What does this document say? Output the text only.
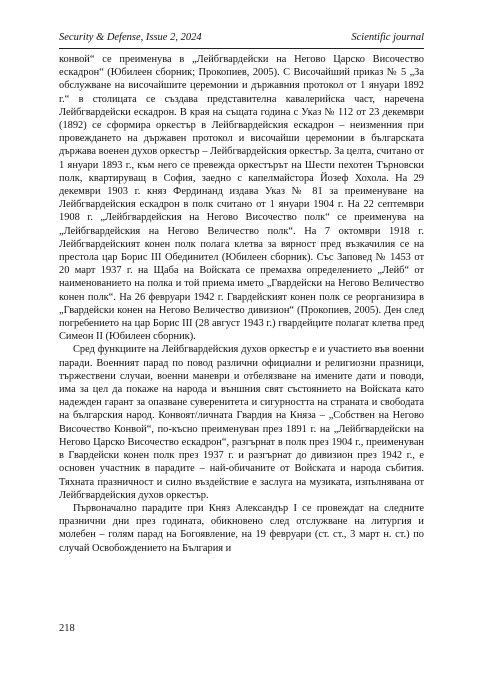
Security & Defense, Issue 2, 2024	Scientific journal

конвой“ се преименува в „Лейбгвардейски на Негово Царско Височество ескадрон“ (Юбилеен сборник; Прокопиев, 2005). С Височайший приказ № 5 „За обслужване на височайшите церемонии и държавния протокол от 1 януари 1892 г.“ в столицата се създава представителна кавалерийска част, наречена Лейбгвардейски ескадрон. В края на същата година с Указ № 112 от 23 декември (1892) се сформира оркестър в Лейбгвардейския ескадрон – неизменния при провеждането на държавен протокол и височайши церемонии в българската държава военен духов оркестър – Лейбгвардейския оркестър. За целта, считано от 1 януари 1893 г., към него се превежда оркестърът на Шести пехотен Търновски полк, квартируващ в София, заедно с капелмайстора Йозеф Хохола. На 29 декември 1903 г. княз Фердинанд издава Указ № 81 за преименуване на Лейбгвардейския ескадрон в полк считано от 1 януари 1904 г. На 22 септември 1908 г. „Лейбгвардейския на Негово Височество полк“ се преименува на „Лейбгвардейския на Негово Величество полк“. На 7 октомври 1918 г. Лейбгвардейският конен полк полага клетва за вярност пред възкачилия се на престола цар Борис III Обединител (Юбилеен сборник). Със Заповед № 1453 от 20 март 1937 г. на Щаба на Войската се премахва определението „Лейб“ от наименованието на полка и той приема името „Гвардейски на Негово Величество конен полк“. На 26 февруари 1942 г. Гвардейският конен полк се реорганизира в „Гвардейски конен на Негово Величество дивизион“ (Прокопиев, 2005). Ден след погребението на цар Борис III (28 август 1943 г.) гвардейците полагат клетва пред Симеон II (Юбилеен сборник).

Сред функциите на Лейбгвардейския духов оркестър е и участието във военни паради. Военният парад по повод различни официални и религиозни празници, тържествени случаи, военни маневри и отбелязване на имените дати и поводи, има за цел да покаже на народа и външния свят състоянието на Войската като надежден гарант за опазване суверенитета и сигурността на страната и свободата на българския народ. Конвоят/личната Гвардия на Княза – „Собствен на Негово Височество Конвой“, по-късно преименуван през 1891 г. на „Лейбгвардейски на Негово Царско Височество ескадрон“, разгърнат в полк през 1904 г., преименуван в Гвардейски конен полк през 1937 г. и разгърнат до дивизион през 1942 г., е основен участник в парадите – най-обичаните от Войската и народа събития. Тяхната празничност и силно въздействие е заслуга на музиката, изпълнявана от Лейбгвардейския духов оркестър.

Първоначално парадите при Княз Александър I се провеждат на следните празнични дни през годината, обикновено след отслужване на литургия и молебен – голям парад на Богоявление, на 19 февруари (ст. ст., 3 март н. ст.) по случай Освобождението на България и

218
